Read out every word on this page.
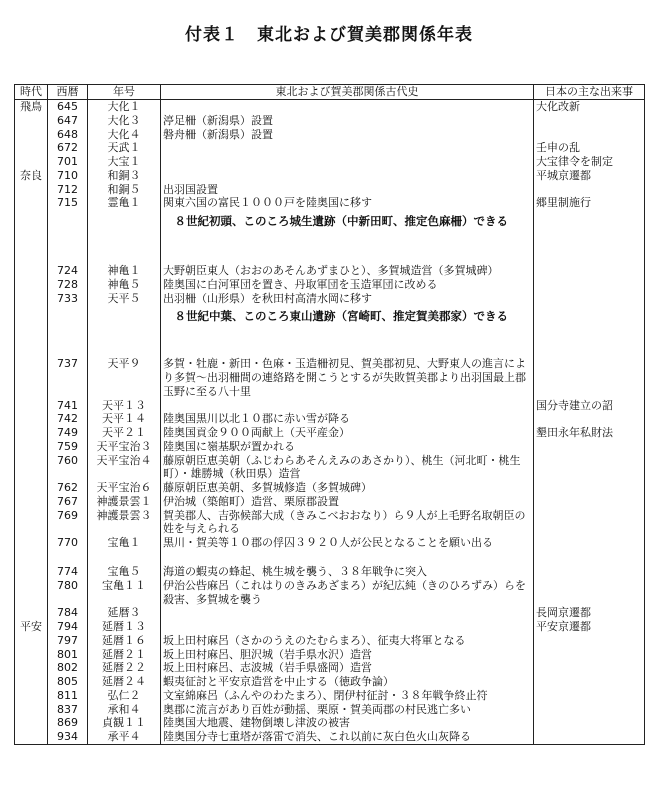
付表１　東北および賀美郡関係年表
時代	西暦	年号	東北および賀美郡関係古代史	日本の主な出来事
飛鳥	645	大化１		大化改新
	647	大化３	渟足柵（新潟県）設置	
	648	大化４	磐舟柵（新潟県）設置	
	672	天武１		壬申の乱
	701	大宝１		大宝律令を制定
奈良	710	和銅３		平城京遷都
	712	和銅５	出羽国設置	
	715	霊亀１	関東六国の富民１０００戸を陸奥国に移す	郷里制施行
			　８世紀初頭、このころ城生遺跡（中新田町、推定色麻柵）できる	
	724	神亀１	大野朝臣東人（おおのあそんあずまひと）、多賀城造営（多賀城碑）	
	728	神亀５	陸奥国に白河軍団を置き、丹取軍団を玉造軍団に改める	
	733	天平５	出羽柵（山形県）を秋田村高清水岡に移す	
			　８世紀中葉、このころ東山遺跡（宮崎町、推定賀美郡家）できる	
	737	天平９	多賀・牡鹿・新田・色麻・玉造柵初見、賀美郡初見、大野東人の進言により多賀〜出羽柵間の連絡路を開こうとするが失敗賀美郡より出羽国最上郡玉野に至る八十里	
	741	天平１３		国分寺建立の詔
	742	天平１４	陸奥国黒川以北１０郡に赤い雪が降る	
	749	天平２１	陸奥国貢金９００両献上（天平産金）	墾田永年私財法
	759	天平宝治３	陸奥国に嶺基駅が置かれる	
	760	天平宝治４	藤原朝臣恵美朝（ふじわらあそんえみのあさかり）、桃生（河北町・桃生町）・雄勝城（秋田県）造営	
	762	天平宝治６	藤原朝臣恵美朝、多賀城修造（多賀城碑）	
	767	神護景雲１	伊治城（築館町）造営、栗原郡設置	
	769	神護景雲３	賀美郡人、吉弥候部大成（きみこべおおなり）ら９人が上毛野名取朝臣の姓を与えられる	
	770	宝亀１	黒川・賀美等１０郡の俘囚３９２０人が公民となることを願い出る	
	774	宝亀５	海道の蝦夷の蜂起、桃生城を襲う、３８年戦争に突入	
	780	宝亀１１	伊治公呰麻呂（これはりのきみあざまろ）が紀広純（きのひろずみ）らを殺害、多賀城を襲う	
	784	延暦３		長岡京遷都
平安	794	延暦１３		平安京遷都
	797	延暦１６	坂上田村麻呂（さかのうえのたむらまろ）、征夷大将軍となる	
	801	延暦２１	坂上田村麻呂、胆沢城（岩手県水沢）造営	
	802	延暦２２	坂上田村麻呂、志波城（岩手県盛岡）造営	
	805	延暦２４	蝦夷征討と平安京造営を中止する（徳政争論）	
	811	弘仁２	文室綿麻呂（ふんやのわたまろ）、閉伊村征討・３８年戦争終止符	
	837	承和４	奥郡に流言があり百姓が動揺、栗原・賀美両郡の村民逃亡多い	
	869	貞観１１	陸奥国大地震、建物倒壊し津波の被害	
	934	承平４	陸奥国分寺七重塔が落雷で消失、これ以前に灰白色火山灰降る	
